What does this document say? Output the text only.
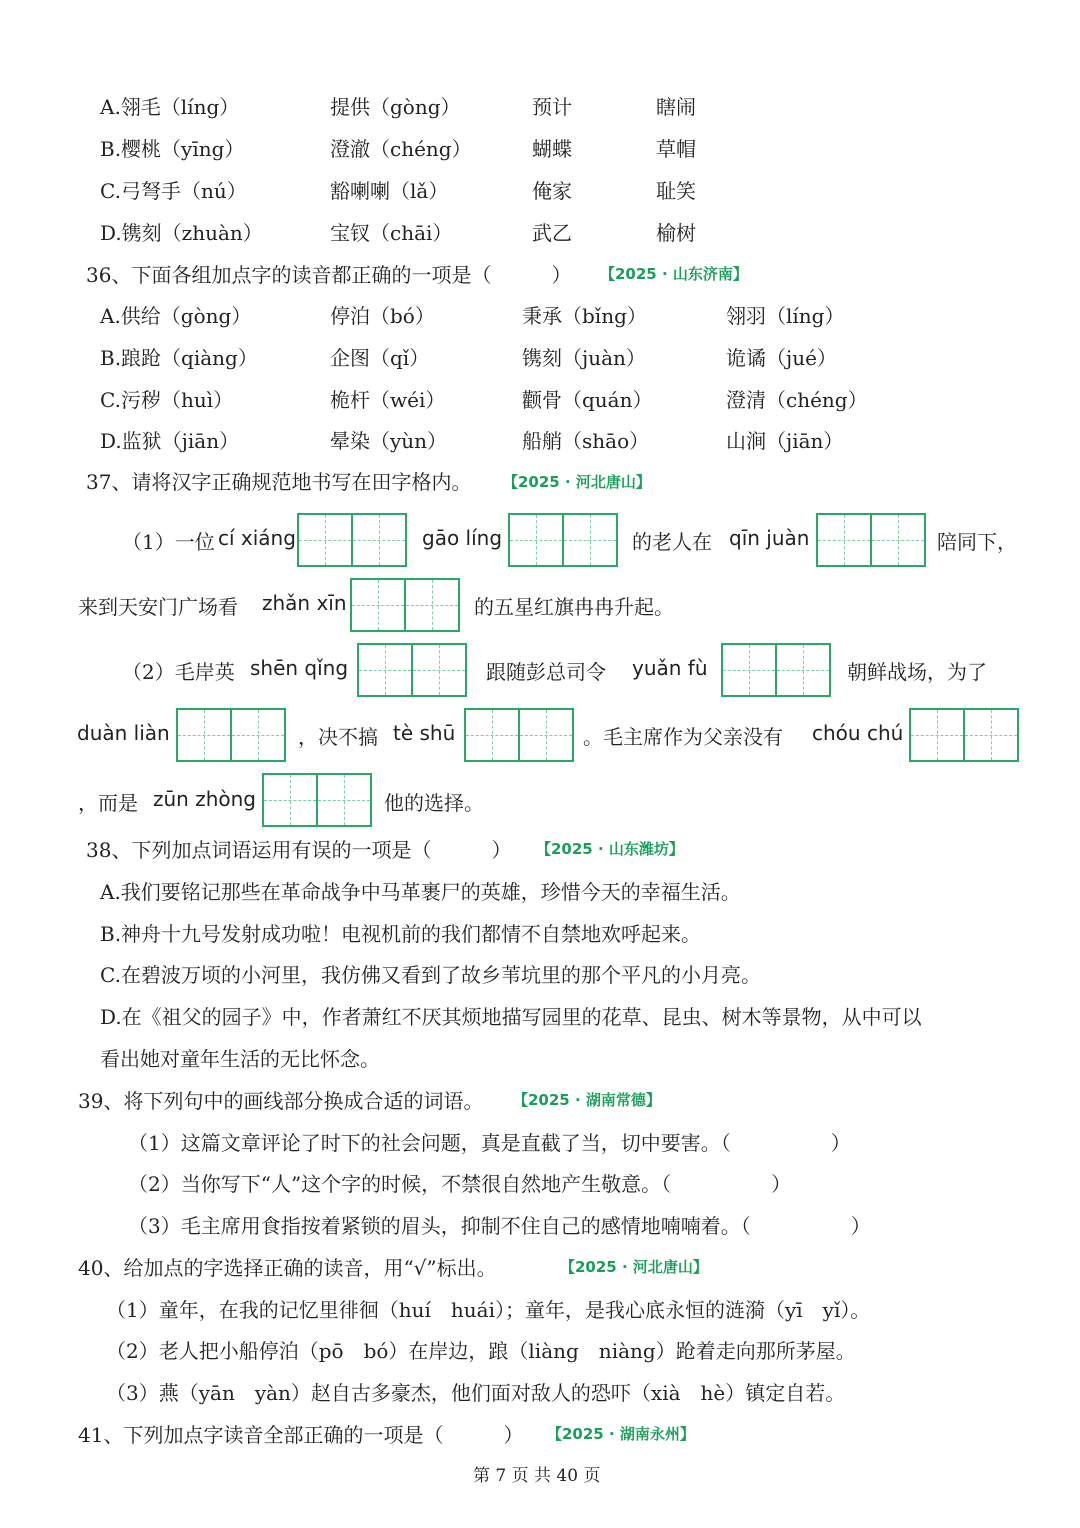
A.翎毛（líng）	提供（gòng）	预计	瞎闹
B.樱桃（yīng）	澄澈（chéng）	蝴蝶	草帽
C.弓弩手（nú）	豁喇喇（lǎ）	俺家	耻笑
D.镌刻（zhuàn）	宝钗（chāi）	武乙	榆树
36、下面各组加点字的读音都正确的一项是（　　　） 【2025 · 山东济南】
A.供给（gòng）	停泊（bó）	秉承（bǐng）	翎羽（líng）
B.踉跄（qiàng）	企图（qǐ）	镌刻（juàn）	诡谲（jué）
C.污秽（huì）	桅杆（wéi）	颧骨（quán）	澄清（chéng）
D.监狱（jiān）	晕染（yùn）	船艄（shāo）	山涧（jiān）
37、请将汉字正确规范地书写在田字格内。 【2025 · 河北唐山】
（1）一位 cí xiáng	gāo líng	的老人在 qīn juàn	陪同下，
来到天安门广场看 zhǎn xīn	的五星红旗冉冉升起。
（2）毛岸英 shēn qǐng	跟随彭总司令 yuǎn fù	朝鲜战场，为了
duàn liàn	，决不搞 tè shū	。毛主席作为父亲没有 chóu chú
，而是 zūn zhòng	他的选择。
38、下列加点词语运用有误的一项是（　　　） 【2025 · 山东潍坊】
A.我们要铭记那些在革命战争中马革裹尸的英雄，珍惜今天的幸福生活。
B.神舟十九号发射成功啦！电视机前的我们都情不自禁地欢呼起来。
C.在碧波万顷的小河里，我仿佛又看到了故乡苇坑里的那个平凡的小月亮。
D.在《祖父的园子》中，作者萧红不厌其烦地描写园里的花草、昆虫、树木等景物，从中可以
看出她对童年生活的无比怀念。
39、将下列句中的画线部分换成合适的词语。 【2025 · 湖南常德】
（1）这篇文章评论了时下的社会问题，真是直截了当，切中要害。（　　　　　）
（2）当你写下“人”这个字的时候，不禁很自然地产生敬意。（　　　　　）
（3）毛主席用食指按着紧锁的眉头，抑制不住自己的感情地喃喃着。（　　　　　）
40、给加点的字选择正确的读音，用“√”标出。	【2025 · 河北唐山】
（1）童年，在我的记忆里徘徊（huí　huái）；童年，是我心底永恒的涟漪（yī　yǐ）。
（2）老人把小船停泊（pō　bó）在岸边，踉（liàng　niàng）跄着走向那所茅屋。
（3）燕（yān　yàn）赵自古多豪杰，他们面对敌人的恐吓（xià　hè）镇定自若。
41、下列加点字读音全部正确的一项是（　　　） 【2025 · 湖南永州】
第 7 页 共 40 页
